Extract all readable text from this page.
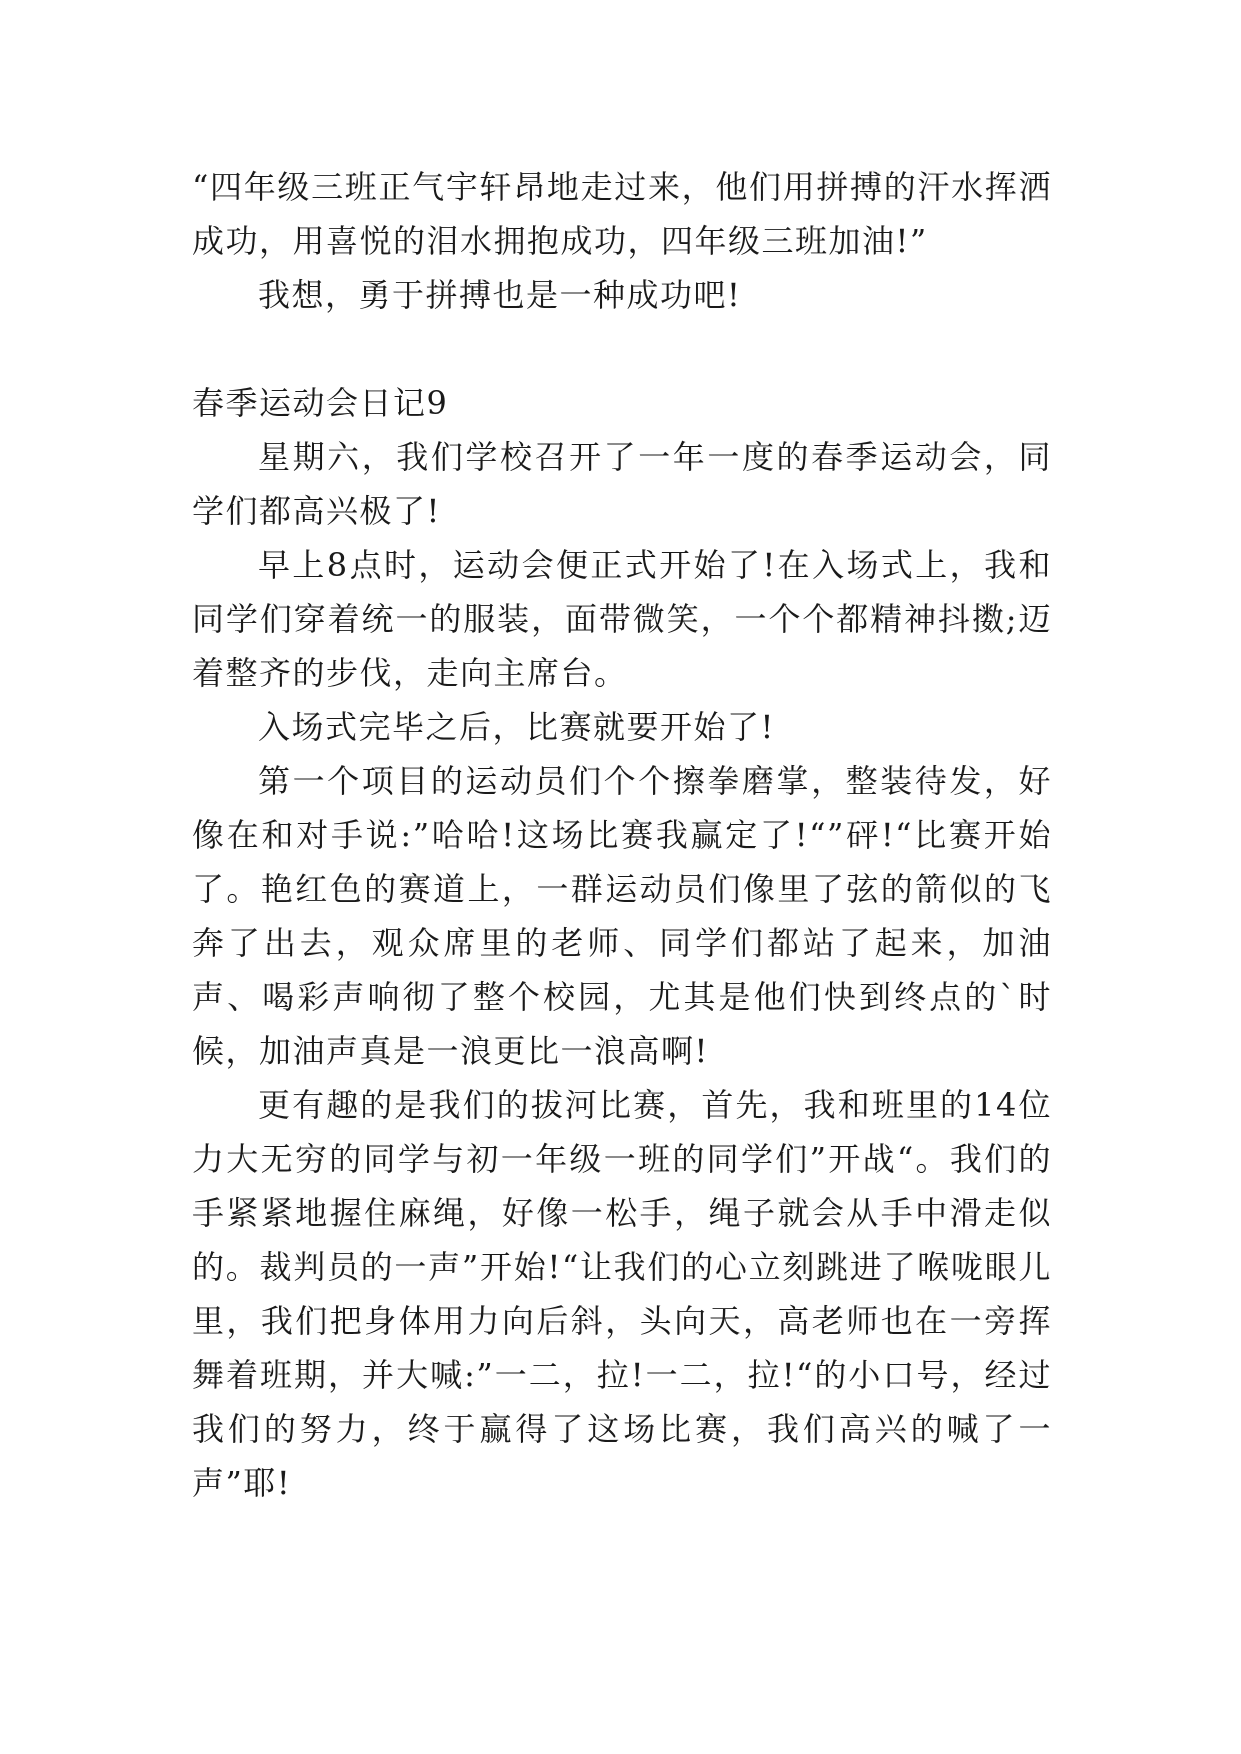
“四年级三班正气宇轩昂地走过来，他们用拼搏的汗水挥洒成功，用喜悦的泪水拥抱成功，四年级三班加油!”

我想，勇于拼搏也是一种成功吧!

春季运动会日记9

星期六，我们学校召开了一年一度的春季运动会，同学们都高兴极了!

早上8点时，运动会便正式开始了!在入场式上，我和同学们穿着统一的服装，面带微笑，一个个都精神抖擞;迈着整齐的步伐，走向主席台。

入场式完毕之后，比赛就要开始了!

第一个项目的运动员们个个擦拳磨掌，整装待发，好像在和对手说:”哈哈!这场比赛我赢定了!“”砰!“比赛开始了。艳红色的赛道上，一群运动员们像里了弦的箭似的飞奔了出去，观众席里的老师、同学们都站了起来，加油声、喝彩声响彻了整个校园，尤其是他们快到终点的`时候，加油声真是一浪更比一浪高啊!

更有趣的是我们的拔河比赛，首先，我和班里的14位力大无穷的同学与初一年级一班的同学们”开战“。我们的手紧紧地握住麻绳，好像一松手，绳子就会从手中滑走似的。裁判员的一声”开始!“让我们的心立刻跳进了喉咙眼儿里，我们把身体用力向后斜，头向天，高老师也在一旁挥舞着班期，并大喊:”一二，拉!一二，拉!“的小口号，经过我们的努力，终于赢得了这场比赛，我们高兴的喊了一声”耶!
